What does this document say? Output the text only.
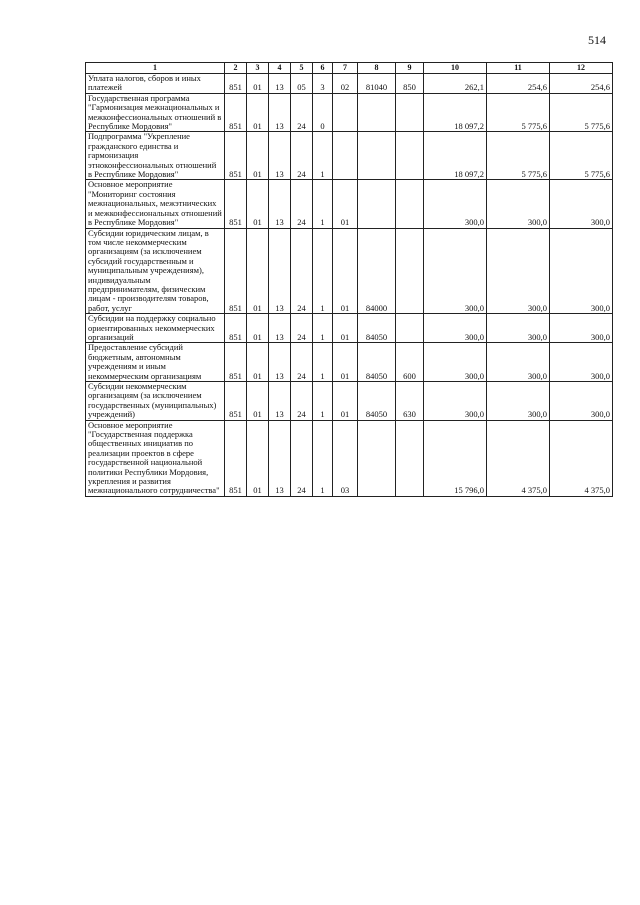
514
1	2	3	4	5	6	7	8	9	10	11	12
Уплата налогов, сборов и иных платежей	851	01	13	05	3	02	81040	850	262,1	254,6	254,6
Государственная программа "Гармонизация межнациональных и межконфессиональных отношений в Республике Мордовия"	851	01	13	24	0				18 097,2	5 775,6	5 775,6
Подпрограмма "Укрепление гражданского единства и гармонизация этноконфессиональных отношений в Республике Мордовия"	851	01	13	24	1				18 097,2	5 775,6	5 775,6
Основное мероприятие "Мониторинг состояния межнациональных, межэтнических и межконфессиональных отношений в Республике Мордовия"	851	01	13	24	1	01			300,0	300,0	300,0
Субсидии юридическим лицам, в том числе некоммерческим организациям (за исключением субсидий государственным и муниципальным учреждениям), индивидуальным предпринимателям, физическим лицам - производителям товаров, работ, услуг	851	01	13	24	1	01	84000		300,0	300,0	300,0
Субсидии на поддержку социально ориентированных некоммерческих организаций	851	01	13	24	1	01	84050		300,0	300,0	300,0
Предоставление субсидий бюджетным, автономным учреждениям и иным некоммерческим организациям	851	01	13	24	1	01	84050	600	300,0	300,0	300,0
Субсидии некоммерческим организациям (за исключением государственных (муниципальных) учреждений)	851	01	13	24	1	01	84050	630	300,0	300,0	300,0
Основное мероприятие "Государственная поддержка общественных инициатив по реализации проектов в сфере государственной национальной политики Республики Мордовия, укрепления и развития межнационального сотрудничества"	851	01	13	24	1	03			15 796,0	4 375,0	4 375,0
